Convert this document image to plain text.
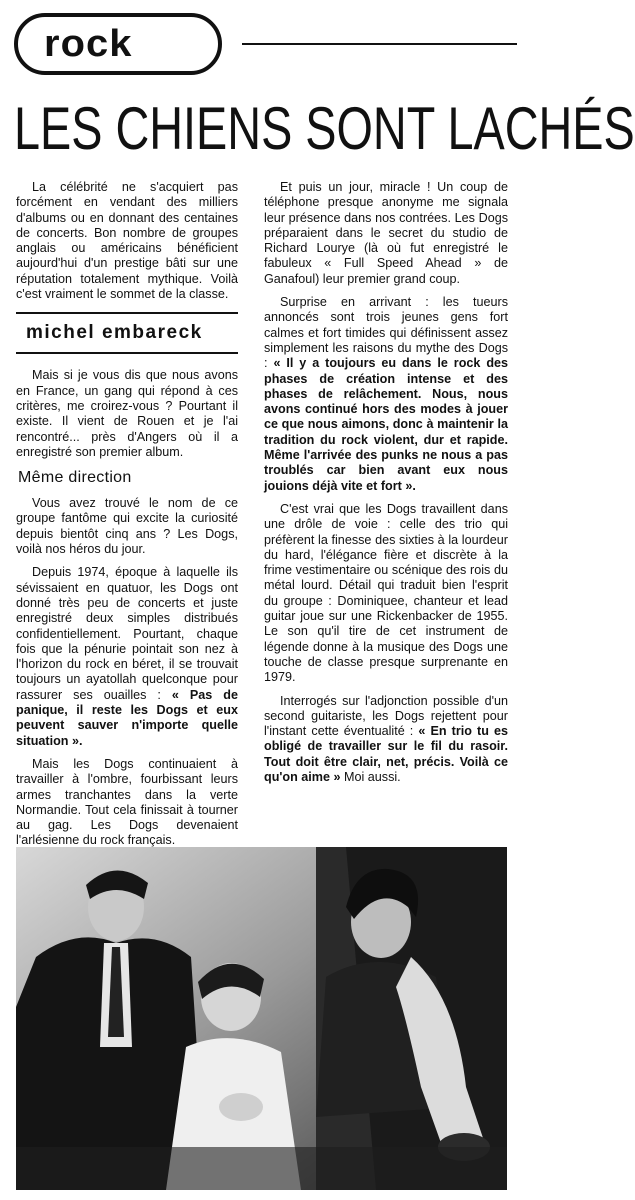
rock
LES CHIENS SONT LACHÉS

La célébrité ne s'acquiert pas forcément en vendant des milliers d'albums ou en donnant des centaines de concerts. Bon nombre de groupes anglais ou américains bénéficient aujourd'hui d'un prestige bâti sur une réputation totalement mythique. Voilà c'est vraiment le sommet de la classe.

michel embareck

Mais si je vous dis que nous avons en France, un gang qui répond à ces critères, me croirez-vous ? Pourtant il existe. Il vient de Rouen et je l'ai rencontré... près d'Angers où il a enregistré son premier album.

Même direction

Vous avez trouvé le nom de ce groupe fantôme qui excite la curiosité depuis bientôt cinq ans ? Les Dogs, voilà nos héros du jour.

Depuis 1974, époque à laquelle ils sévissaient en quatuor, les Dogs ont donné très peu de concerts et juste enregistré deux simples distribués confidentiellement. Pourtant, chaque fois que la pénurie pointait son nez à l'horizon du rock en béret, il se trouvait toujours un ayatollah quelconque pour rassurer ses ouailles : « Pas de panique, il reste les Dogs et eux peuvent sauver n'importe quelle situation ».

Mais les Dogs continuaient à travailler à l'ombre, fourbissant leurs armes tranchantes dans la verte Normandie. Tout cela finissait à tourner au gag. Les Dogs devenaient l'arlésienne du rock français.

Et puis un jour, miracle ! Un coup de téléphone presque anonyme me signala leur présence dans nos contrées. Les Dogs préparaient dans le secret du studio de Richard Lourye (là où fut enregistré le fabuleux « Full Speed Ahead » de Ganafoul) leur premier grand coup.

Surprise en arrivant : les tueurs annoncés sont trois jeunes gens fort calmes et fort timides qui définissent assez simplement les raisons du mythe des Dogs : « Il y a toujours eu dans le rock des phases de création intense et des phases de relâchement. Nous, nous avons continué hors des modes à jouer ce que nous aimons, donc à maintenir la tradition du rock violent, dur et rapide. Même l'arrivée des punks ne nous a pas troublés car bien avant eux nous jouions déjà vite et fort ».

C'est vrai que les Dogs travaillent dans une drôle de voie : celle des trio qui préfèrent la finesse des sixties à la lourdeur du hard, l'élégance fière et discrète à la frime vestimentaire ou scénique des rois du métal lourd. Détail qui traduit bien l'esprit du groupe : Dominiquee, chanteur et lead guitar joue sur une Rickenbacker de 1955. Le son qu'il tire de cet instrument de légende donne à la musique des Dogs une touche de classe presque surprenante en 1979.

Interrogés sur l'adjonction possible d'un second guitariste, les Dogs rejettent pour l'instant cette éventualité : « En trio tu es obligé de travailler sur le fil du rasoir. Tout doit être clair, net, précis. Voilà ce qu'on aime » Moi aussi.
